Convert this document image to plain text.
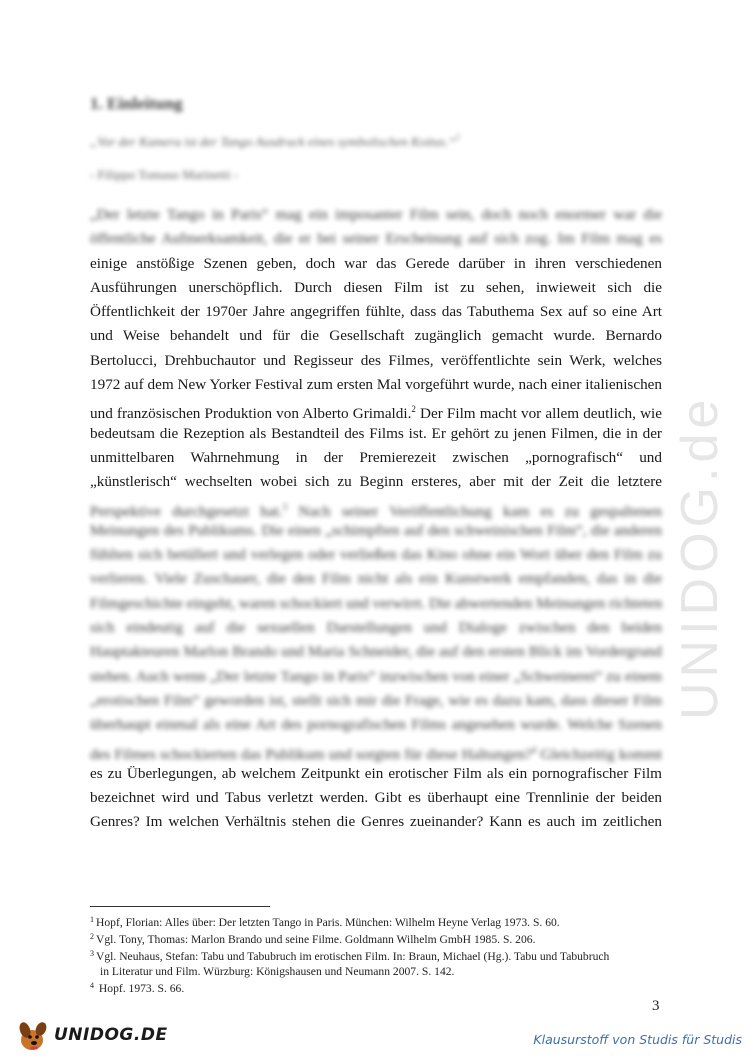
UNIDOG.de
1. Einleitung
„Vor der Kamera ist der Tango Ausdruck eines symbolischen Koitus.“$^1$
- Filippo Tomaso Marinetti -
„Der letzte Tango in Paris“ mag ein imposanter Film sein, doch noch enormer war die
öffentliche Aufmerksamkeit, die er bei seiner Erscheinung auf sich zog. Im Film mag es
einige anstößige Szenen geben, doch war das Gerede darüber in ihren verschiedenen
Ausführungen unerschöpflich. Durch diesen Film ist zu sehen, inwieweit sich die
Öffentlichkeit der 1970er Jahre angegriffen fühlte, dass das Tabuthema Sex auf so eine Art
und Weise behandelt und für die Gesellschaft zugänglich gemacht wurde. Bernardo
Bertolucci, Drehbuchautor und Regisseur des Filmes, veröffentlichte sein Werk, welches
1972 auf dem New Yorker Festival zum ersten Mal vorgeführt wurde, nach einer italienischen
und französischen Produktion von Alberto Grimaldi.$^2$ Der Film macht vor allem deutlich, wie
bedeutsam die Rezeption als Bestandteil des Films ist. Er gehört zu jenen Filmen, die in der
unmittelbaren Wahrnehmung in der Premierezeit zwischen „pornografisch“ und
„künstlerisch“ wechselten wobei sich zu Beginn ersteres, aber mit der Zeit die letztere
Perspektive durchgesetzt hat.$^3$ Nach seiner Veröffentlichung kam es zu gespaltenen
Meinungen des Publikums. Die einen „schimpften auf den schweinischen Film“, die anderen
fühlten sich betüllert und verlegen oder verließen das Kino ohne ein Wort über den Film zu
verlieren. Viele Zuschauer, die den Film nicht als ein Kunstwerk empfanden, das in die
Filmgeschichte eingeht, waren schockiert und verwirrt. Die abwertenden Meinungen richteten
sich eindeutig auf die sexuellen Darstellungen und Dialoge zwischen den beiden
Hauptakteuren Marlon Brando und Maria Schneider, die auf den ersten Blick im Vordergrund
stehen. Auch wenn „Der letzte Tango in Paris“ inzwischen von einer „Schweinerei“ zu einem
„erotischen Film“ geworden ist, stellt sich mir die Frage, wie es dazu kam, dass dieser Film
überhaupt einmal als eine Art des pornografischen Films angesehen wurde. Welche Szenen
des Filmes schockierten das Publikum und sorgten für diese Haltungen?$^4$ Gleichzeitig kommt
es zu Überlegungen, ab welchem Zeitpunkt ein erotischer Film als ein pornografischer Film
bezeichnet wird und Tabus verletzt werden. Gibt es überhaupt eine Trennlinie der beiden
Genres? Im welchen Verhältnis stehen die Genres zueinander? Kann es auch im zeitlichen
$^1$ Hopf, Florian: Alles über: Der letzten Tango in Paris. München: Wilhelm Heyne Verlag 1973. S. 60.
$^2$ Vgl. Tony, Thomas: Marlon Brando und seine Filme. Goldmann Wilhelm GmbH 1985. S. 206.
$^3$ Vgl. Neuhaus, Stefan: Tabu und Tabubruch im erotischen Film. In: Braun, Michael (Hg.). Tabu und Tabubruch
in Literatur und Film. Würzburg: Königshausen und Neumann 2007. S. 142.
$^4$ Hopf. 1973. S. 66.
3
UNIDOG.DE	Klausurstoff von Studis für Studis
